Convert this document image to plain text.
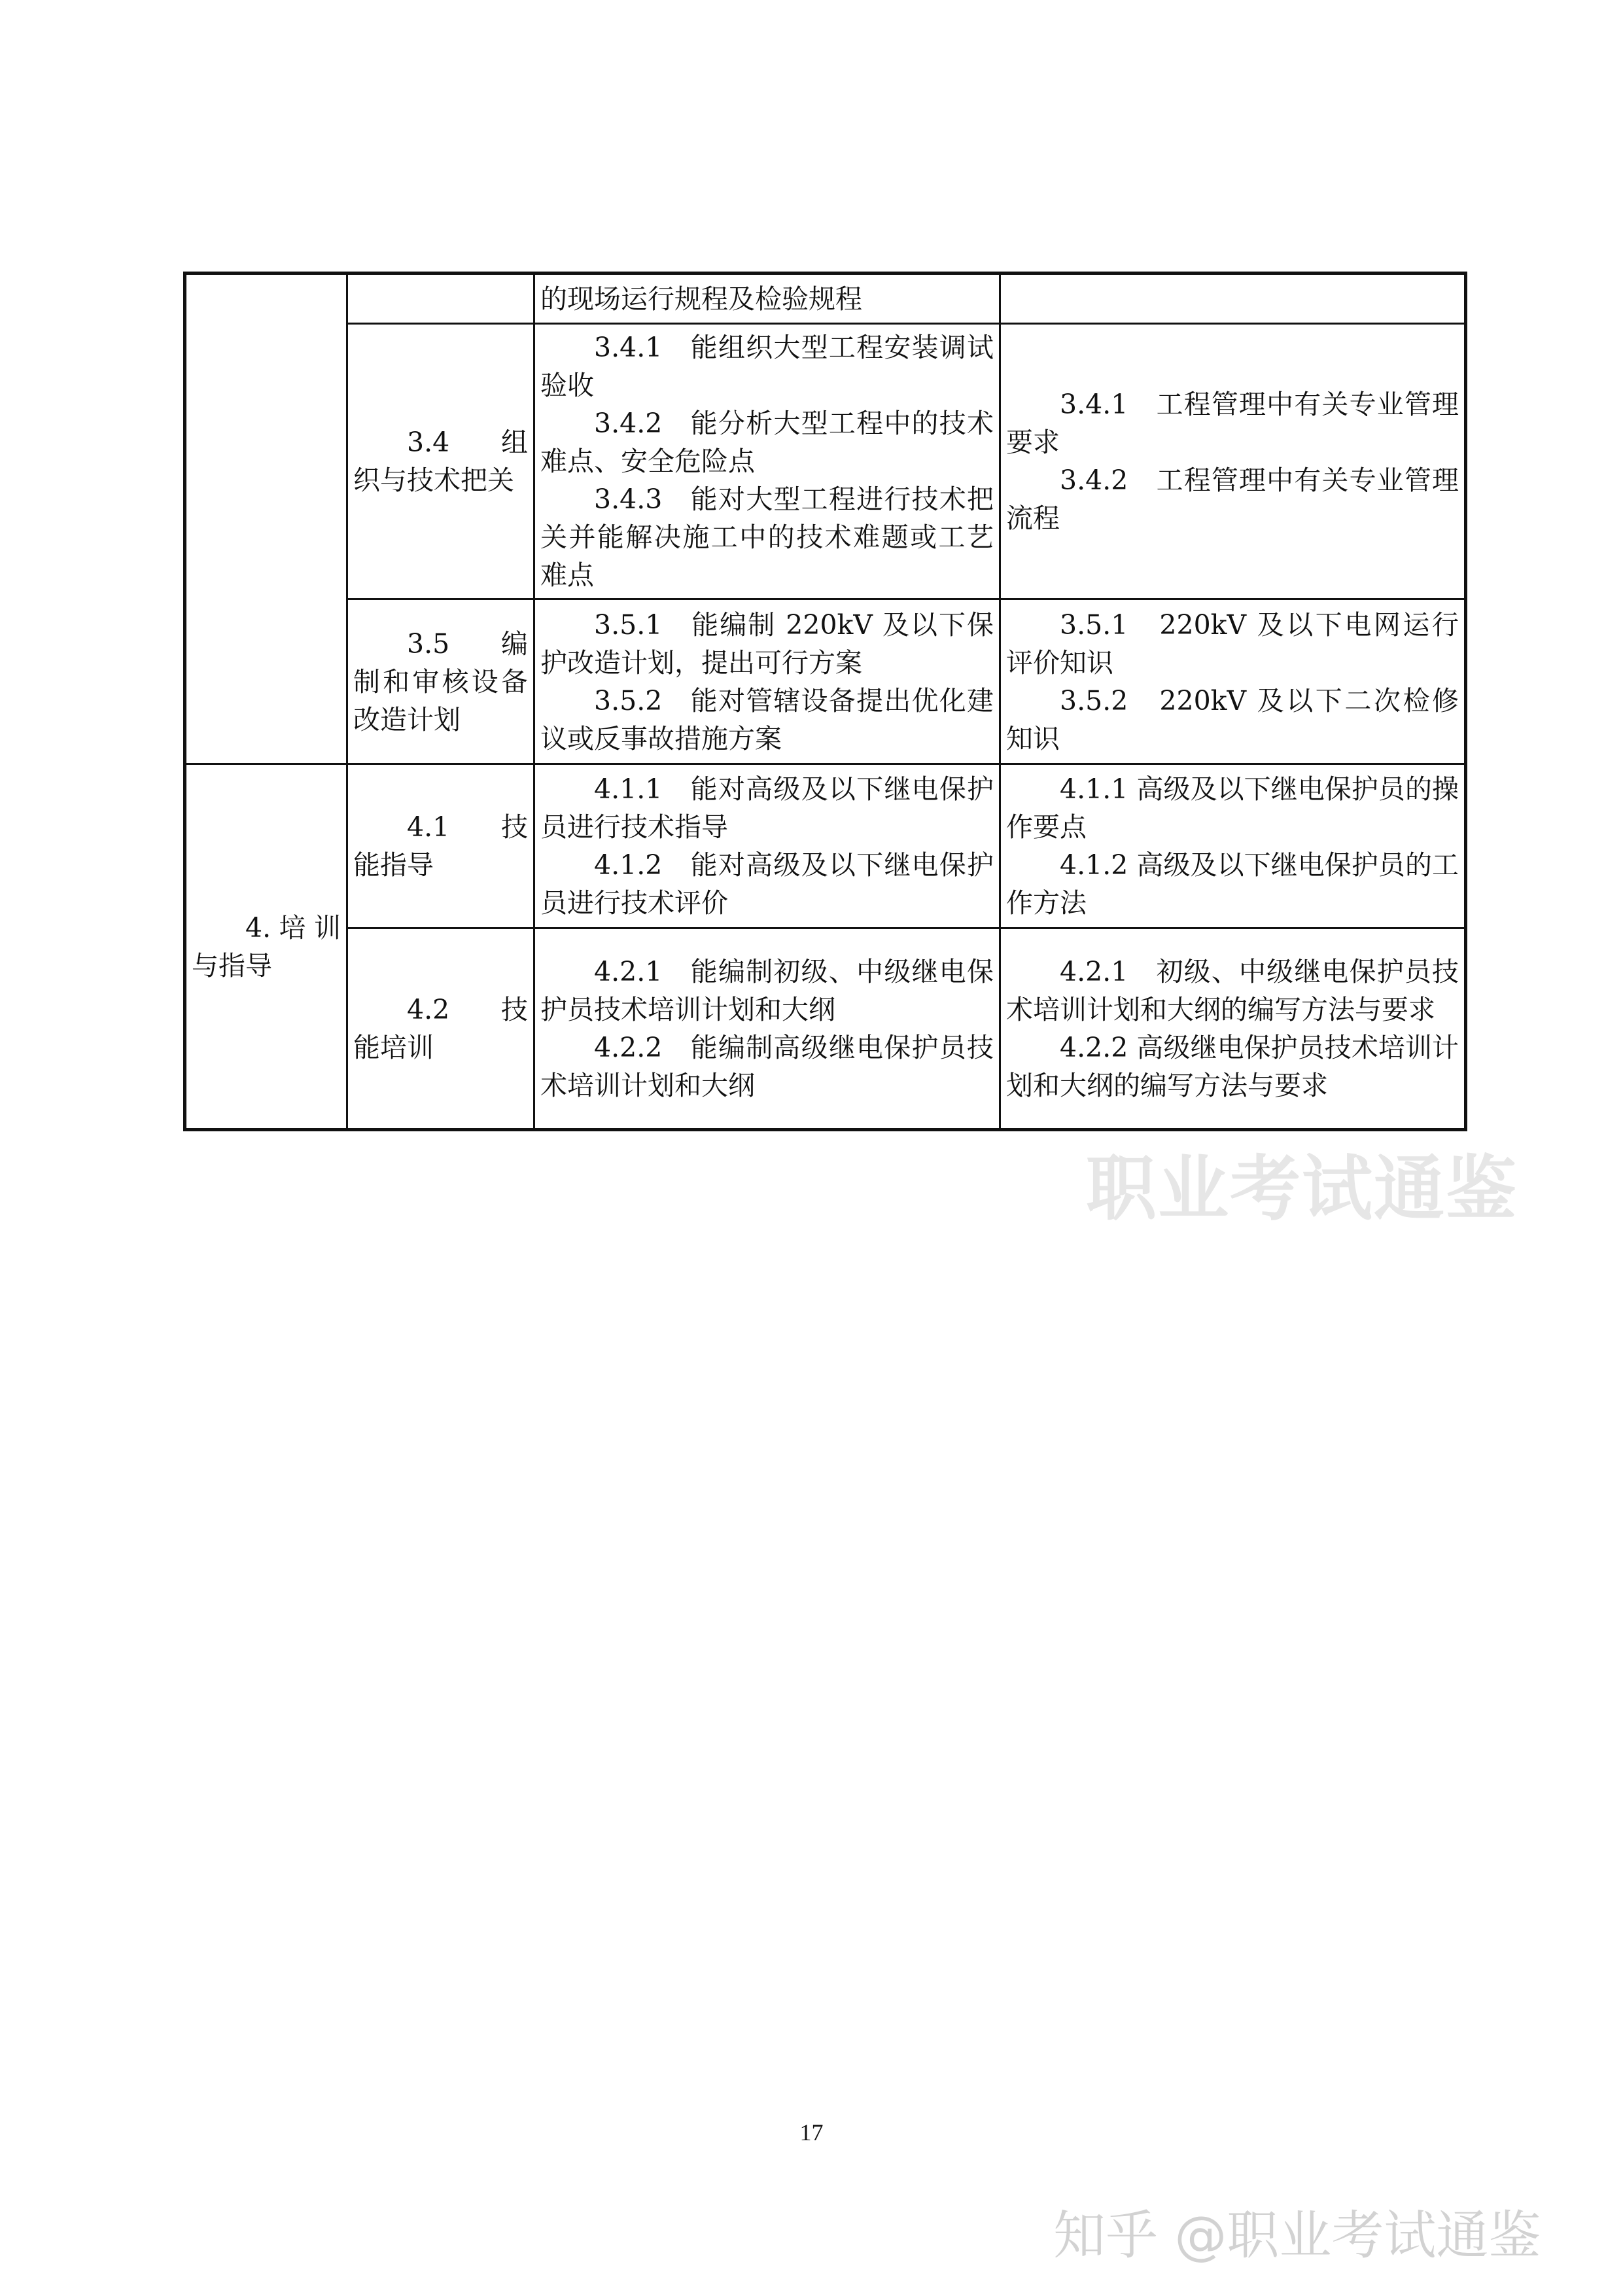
		的现场运行规程及检验规程	

	3.4　组织与技术把关	3.4.1　能组织大型工程安装调试验收
3.4.2　能分析大型工程中的技术难点、安全危险点
3.4.3　能对大型工程进行技术把关并能解决施工中的技术难题或工艺难点	3.4.1　工程管理中有关专业管理要求
3.4.2　工程管理中有关专业管理流程

	3.5　编制和审核设备改造计划	3.5.1　能编制 220kV 及以下保护改造计划，提出可行方案
3.5.2　能对管辖设备提出优化建议或反事故措施方案	3.5.1　220kV 及以下电网运行评价知识
3.5.2　220kV 及以下二次检修知识

4.培训与指导	4.1　技能指导	4.1.1　能对高级及以下继电保护员进行技术指导
4.1.2　能对高级及以下继电保护员进行技术评价	4.1.1 高级及以下继电保护员的操作要点
4.1.2 高级及以下继电保护员的工作方法

	4.2　技能培训	4.2.1　能编制初级、中级继电保护员技术培训计划和大纲
4.2.2　能编制高级继电保护员技术培训计划和大纲	4.2.1　初级、中级继电保护员技术培训计划和大纲的编写方法与要求
4.2.2 高级继电保护员技术培训计划和大纲的编写方法与要求
职业考试通鉴
17
知乎 @职业考试通鉴
